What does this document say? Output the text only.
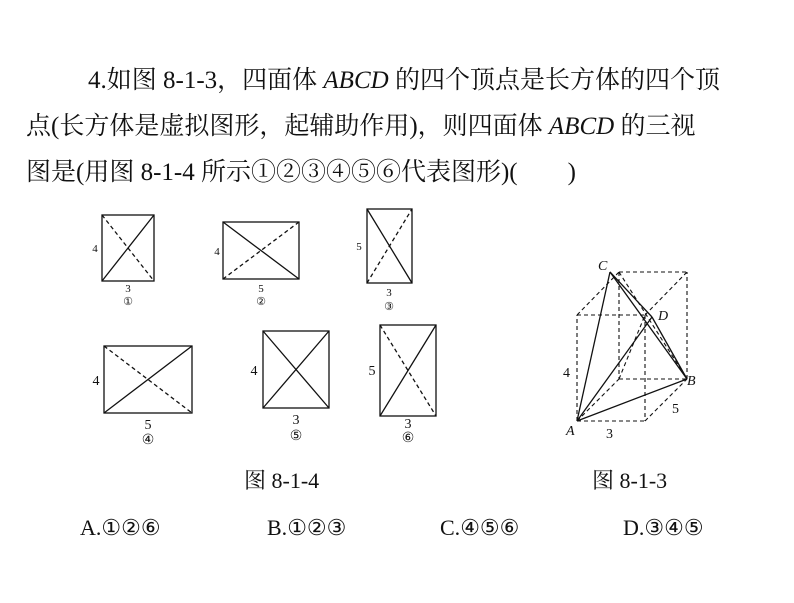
4.如图 8-1-3，四面体 ABCD 的四个顶点是长方体的四个顶
点(长方体是虚拟图形，起辅助作用)，则四面体 ABCD 的三视
图是(用图 8-1-4 所示①②③④⑤⑥代表图形)(　　)
3
4
①
5
4
②
3
5
③
5
4
④
3
4
⑤
3
5
⑥
C
D
B
A
4
5
3
图 8-1-4	图 8-1-3
A.①②⑥	B.①②③	C.④⑤⑥	D.③④⑤
